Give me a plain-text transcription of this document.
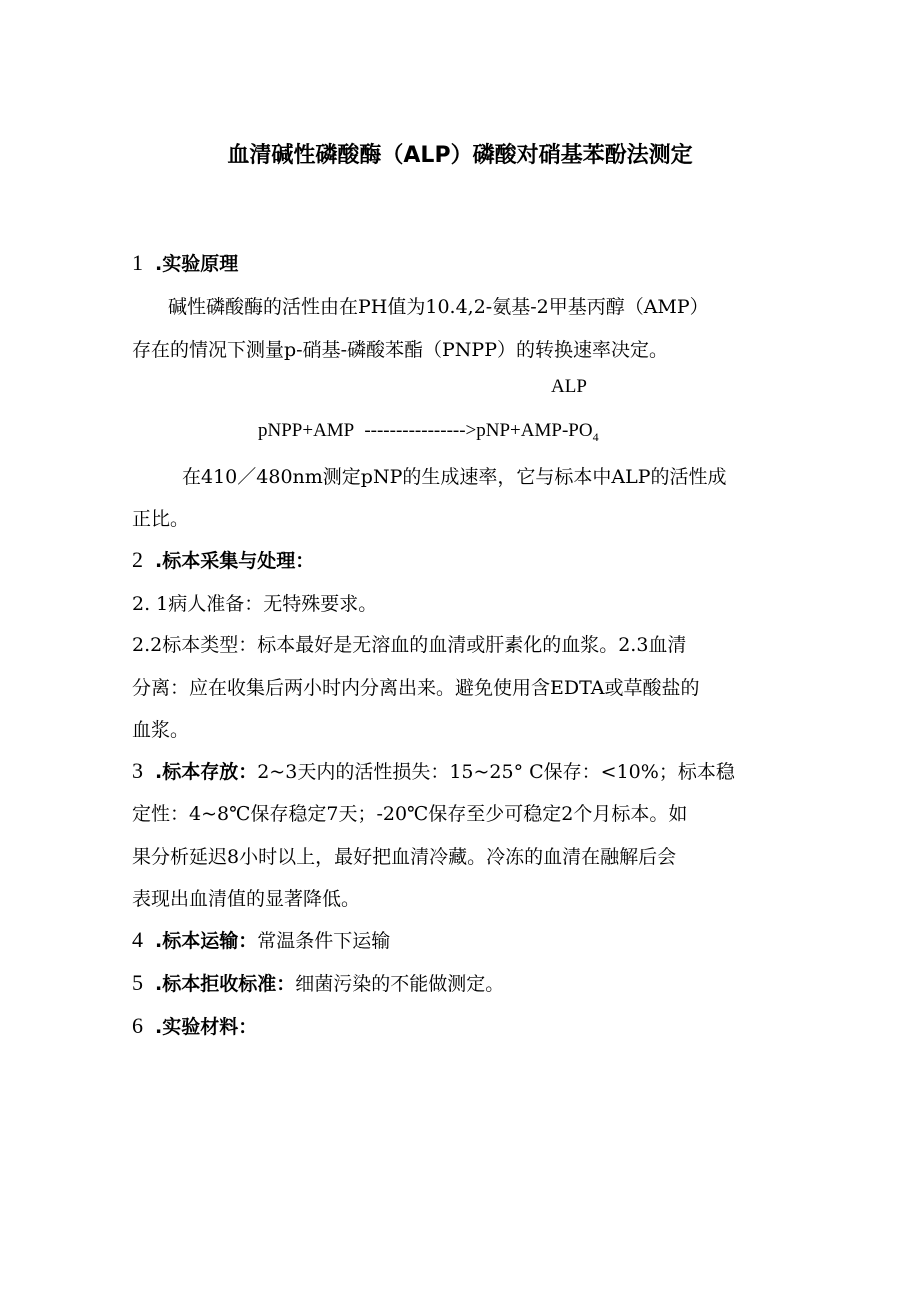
血清碱性磷酸酶（ALP）磷酸对硝基苯酚法测定
1 .实验原理
碱性磷酸酶的活性由在PH值为10.4,2-氨基-2甲基丙醇（AMP）
存在的情况下测量p-硝基-磷酸苯酯（PNPP）的转换速率决定。
ALP
pNPP+AMP $---------------->pNP+AMP-PO_4$
在410／480nm测定pNP的生成速率，它与标本中ALP的活性成
正比。
2 .标本采集与处理：
2. 1病人准备：无特殊要求。
2.2标本类型：标本最好是无溶血的血清或肝素化的血浆。2.3血清
分离：应在收集后两小时内分离出来。避免使用含EDTA或草酸盐的
血浆。
3 .标本存放：2~3天内的活性损失：15~25° C保存：<10%；标本稳
定性：4~8℃保存稳定7天；-20℃保存至少可稳定2个月标本。如
果分析延迟8小时以上，最好把血清冷藏。冷冻的血清在融解后会
表现出血清值的显著降低。
4 .标本运输：常温条件下运输
5 .标本拒收标准：细菌污染的不能做测定。
6 .实验材料：
